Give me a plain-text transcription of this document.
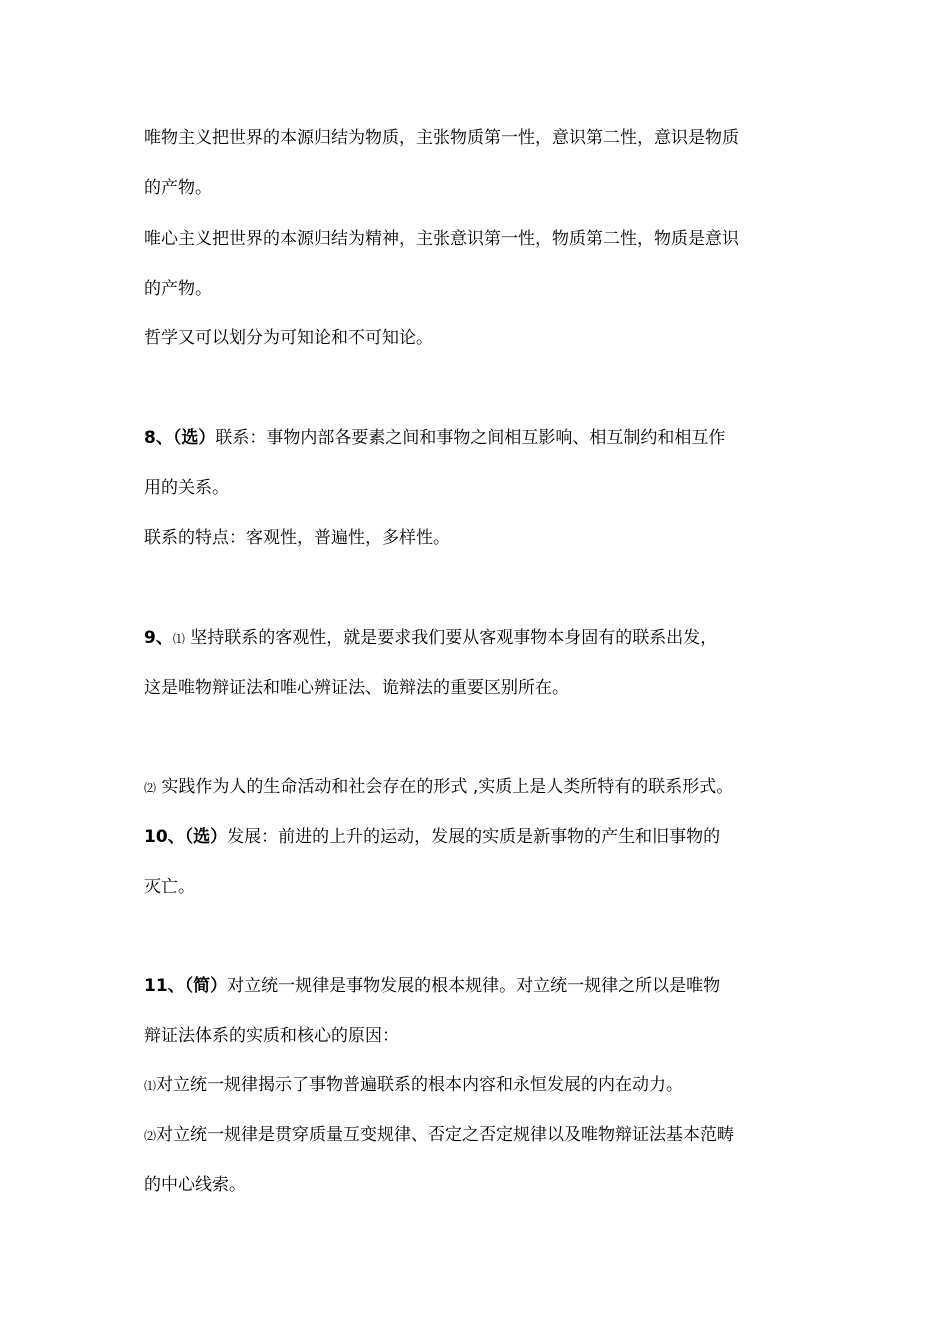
唯物主义把世界的本源归结为物质，主张物质第一性，意识第二性，意识是物质
的产物。
唯心主义把世界的本源归结为精神，主张意识第一性，物质第二性，物质是意识
的产物。
哲学又可以划分为可知论和不可知论。
8、（选）联系：事物内部各要素之间和事物之间相互影响、相互制约和相互作
用的关系。
联系的特点：客观性，普遍性，多样性。
9、⑴ 坚持联系的客观性，就是要求我们要从客观事物本身固有的联系出发，
这是唯物辩证法和唯心辨证法、诡辩法的重要区别所在。
⑵ 实践作为人的生命活动和社会存在的形式 ,实质上是人类所特有的联系形式。
10、（选）发展：前进的上升的运动，发展的实质是新事物的产生和旧事物的
灭亡。
11、（简）对立统一规律是事物发展的根本规律。对立统一规律之所以是唯物
辩证法体系的实质和核心的原因：
⑴对立统一规律揭示了事物普遍联系的根本内容和永恒发展的内在动力。
⑵对立统一规律是贯穿质量互变规律、否定之否定规律以及唯物辩证法基本范畴
的中心线索。
